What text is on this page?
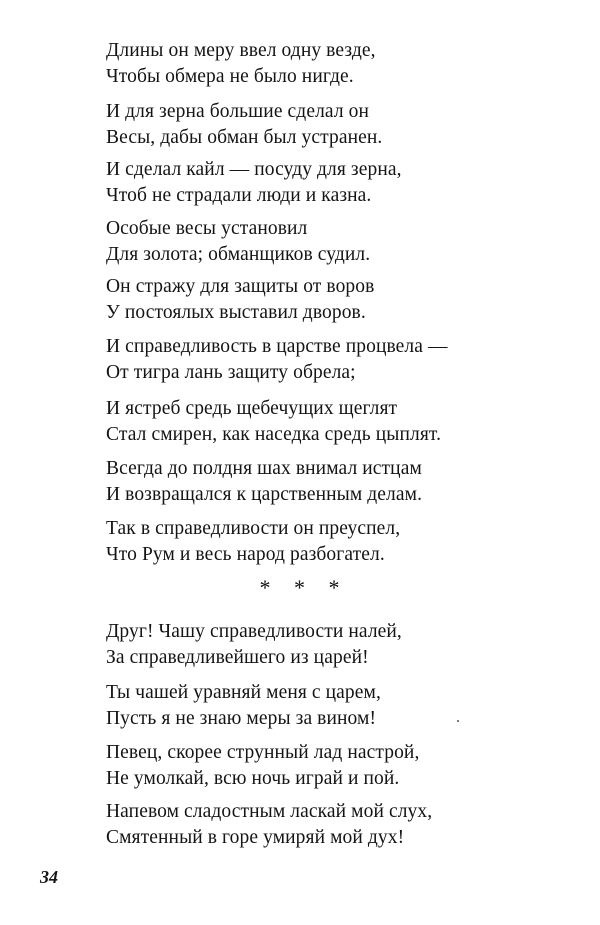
Длины он меру ввел одну везде,
Чтобы обмера не было нигде.
И для зерна большие сделал он
Весы, дабы обман был устранен.
И сделал кайл — посуду для зерна,
Чтоб не страдали люди и казна.
Особые весы установил
Для золота; обманщиков судил.
Он стражу для защиты от воров
У постоялых выставил дворов.
И справедливость в царстве процвела —
От тигра лань защиту обрела;
И ястреб средь щебечущих щеглят
Стал смирен, как наседка средь цыплят.
Всегда до полдня шах внимал истцам
И возвращался к царственным делам.
Так в справедливости он преуспел,
Что Рум и весь народ разбогател.
* * *
Друг! Чашу справедливости налей,
За справедливейшего из царей!
Ты чашей уравняй меня с царем,
Пусть я не знаю меры за вином!
Певец, скорее струнный лад настрой,
Не умолкай, всю ночь играй и пой.
Напевом сладостным ласкай мой слух,
Смятенный в горе умиряй мой дух!
34
